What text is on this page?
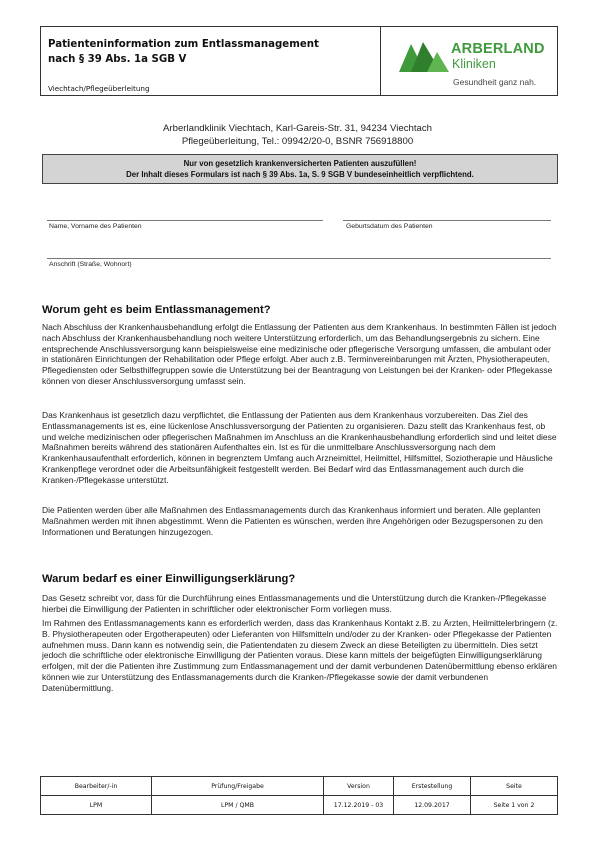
Patienteninformation zum Entlassmanagement
nach § 39 Abs. 1a SGB V
Viechtach/Pflegeüberleitung
ARBERLAND
Kliniken
Gesundheit ganz nah.
Arberlandklinik Viechtach, Karl-Gareis-Str. 31, 94234 Viechtach
Pflegeüberleitung, Tel.: 09942/20-0, BSNR 756918800
Nur von gesetzlich krankenversicherten Patienten auszufüllen!
Der Inhalt dieses Formulars ist nach § 39 Abs. 1a, S. 9 SGB V bundeseinheitlich verpflichtend.
Name, Vorname des Patienten	Geburtsdatum des Patienten
Anschrift (Straße, Wohnort)
Worum geht es beim Entlassmanagement?
Nach Abschluss der Krankenhausbehandlung erfolgt die Entlassung der Patienten aus dem Krankenhaus. In bestimmten Fällen ist jedoch nach Abschluss der Krankenhausbehandlung noch weitere Unterstützung erforderlich, um das Behandlungsergebnis zu sichern. Eine entsprechende Anschlussversorgung kann beispielsweise eine medizinische oder pflegerische Versorgung umfassen, die ambulant oder in stationären Einrichtungen der Rehabilitation oder Pflege erfolgt. Aber auch z.B. Terminvereinbarungen mit Ärzten, Physiotherapeuten, Pflegediensten oder Selbsthilfegruppen sowie die Unterstützung bei der Beantragung von Leistungen bei der Kranken- oder Pflegekasse können von dieser Anschlussversorgung umfasst sein.
Das Krankenhaus ist gesetzlich dazu verpflichtet, die Entlassung der Patienten aus dem Krankenhaus vorzubereiten. Das Ziel des Entlassmanagements ist es, eine lückenlose Anschlussversorgung der Patienten zu organisieren. Dazu stellt das Krankenhaus fest, ob und welche medizinischen oder pflegerischen Maßnahmen im Anschluss an die Krankenhausbehandlung erforderlich sind und leitet diese Maßnahmen bereits während des stationären Aufenthaltes ein. Ist es für die unmittelbare Anschlussversorgung nach dem Krankenhausaufenthalt erforderlich, können in begrenztem Umfang auch Arzneimittel, Heilmittel, Hilfsmittel, Soziotherapie und Häusliche Krankenpflege verordnet oder die Arbeitsunfähigkeit festgestellt werden. Bei Bedarf wird das Entlassmanagement auch durch die Kranken-/Pflegekasse unterstützt.
Die Patienten werden über alle Maßnahmen des Entlassmanagements durch das Krankenhaus informiert und beraten. Alle geplanten Maßnahmen werden mit ihnen abgestimmt. Wenn die Patienten es wünschen, werden ihre Angehörigen oder Bezugspersonen zu den Informationen und Beratungen hinzugezogen.
Warum bedarf es einer Einwilligungserklärung?
Das Gesetz schreibt vor, dass für die Durchführung eines Entlassmanagements und die Unterstützung durch die Kranken-/Pflegekasse hierbei die Einwilligung der Patienten in schriftlicher oder elektronischer Form vorliegen muss.
Im Rahmen des Entlassmanagements kann es erforderlich werden, dass das Krankenhaus Kontakt z.B. zu Ärzten, Heilmittelerbringern (z. B. Physiotherapeuten oder Ergotherapeuten) oder Lieferanten von Hilfsmitteln und/oder zu der Kranken- oder Pflegekasse der Patienten aufnehmen muss. Dann kann es notwendig sein, die Patientendaten zu diesem Zweck an diese Beteiligten zu übermitteln. Dies setzt jedoch die schriftliche oder elektronische Einwilligung der Patienten voraus. Diese kann mittels der beigefügten Einwilligungserklärung erfolgen, mit der die Patienten ihre Zustimmung zum Entlassmanagement und der damit verbundenen Datenübermittlung ebenso erklären können wie zur Unterstützung des Entlassmanagements durch die Kranken-/Pflegekasse sowie der damit verbundenen Datenübermittlung.
Bearbeiter/-in	Prüfung/Freigabe	Version	Erstestellung	Seite
LPM	LPM / QMB	17.12.2019 - 03	12.09.2017	Seite 1 von 2
